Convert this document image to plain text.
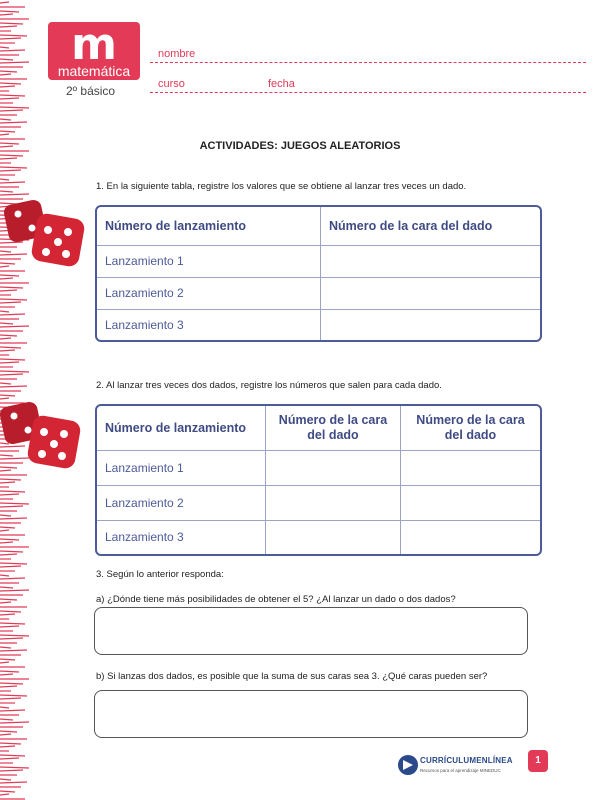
m
matemática
2º básico
nombre
curso	fecha
ACTIVIDADES: JUEGOS ALEATORIOS
1. En la siguiente tabla, registre los valores que se obtiene al lanzar tres veces un dado.
Número de lanzamiento	Número de la cara del dado
Lanzamiento 1	
Lanzamiento 2	
Lanzamiento 3	
2. Al lanzar tres veces dos dados, registre los números que salen para cada dado.
Número de lanzamiento	Número de la cara del dado	Número de la cara del dado
Lanzamiento 1		
Lanzamiento 2		
Lanzamiento 3		
3. Según lo anterior responda:
a) ¿Dónde tiene más posibilidades de obtener el 5? ¿Al lanzar un dado o dos dados?
b) Si lanzas dos dados, es posible que la suma de sus caras sea 3. ¿Qué caras pueden ser?
CURRÍCULUMENLÍNEA
Recursos para el aprendizaje MINEDUC
1
